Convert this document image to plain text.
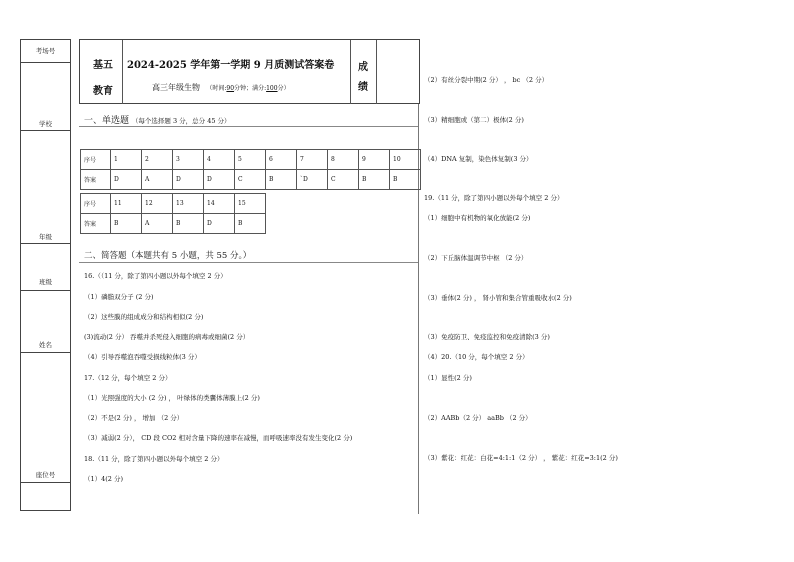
考场号
学校
年级
班级
姓名
座位号
基五
教育
2024-2025 学年第一学期 9 月质测试答案卷
高三年级生物 （时间:90分钟；满分:100分）
成
绩
一、单选题 （每个选择题 3 分，总分 45 分）
序号	1	2	3	4	5	6	7	8	9	10
答案	D	A	D	D	C	B	`D	C	B	B
序号	11	12	13	14	15
答案	B	A	B	D	B
二、简答题（本题共有 5 小题，共 55 分。）
16.（（11 分，除了第四小题以外每个填空 2 分）
（1）磷脂双分子 (2 分)
（2）这些膜的组成成分和结构相似(2 分)
(3)流动(2 分） 吞噬并杀死侵入细胞的病毒或细菌(2 分）
（4）引导吞噬泡吞噬受损线粒体(3 分）
17.（12 分，每个填空 2 分）
（1）光照强度的大小 (2 分) ， 叶绿体的类囊体薄膜上(2 分)
（2）不是(2 分) ， 增加 （2 分）
（3）减弱(2 分）， CD 段 CO2 相对含量下降的速率在减慢，而呼吸速率没有发生变化(2 分)
18.（11 分，除了第四小题以外每个填空 2 分）
（1）4(2 分)
（2）有丝分裂中期(2 分） ， bc （2 分）
（3）精细胞或（第二）极体(2 分)
（4）DNA 复制，染色体复制(3 分）
19.（11 分，除了第四小题以外每个填空 2 分）
（1）细胞中有机物的氧化放能(2 分)
（2）下丘脑体温调节中枢 （2 分）
（3）垂体(2 分) ， 肾小管和集合管重吸收水(2 分)
（3）免疫防卫、免疫监控和免疫清除(3 分)
（4）20.（10 分，每个填空 2 分）
（1）显性(2 分)
（2）AABb（2 分） aaBb （2 分）
（3）紫花：红花：白花=4:1:1（2 分） ， 紫花：红花=3:1(2 分)
